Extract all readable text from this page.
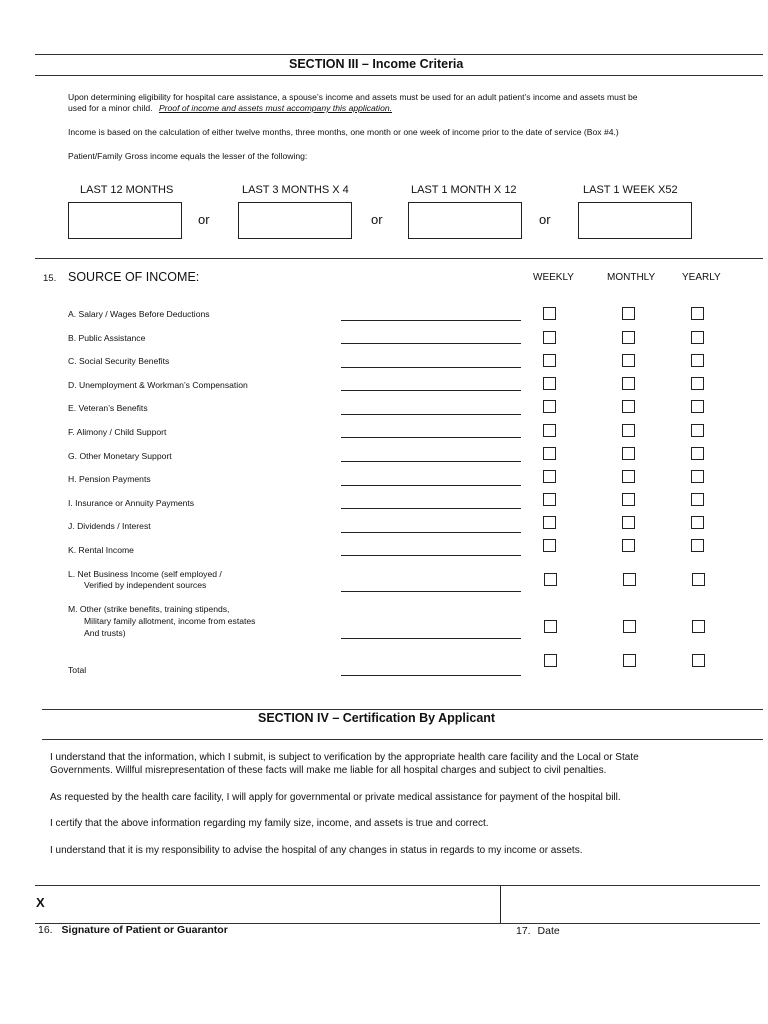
SECTION III – Income Criteria
Upon determining eligibility for hospital care assistance, a spouse’s income and assets must be used for an adult patient’s income and assets must be
used for a minor child. Proof of income and assets must accompany this application.
Income is based on the calculation of either twelve months, three months, one month or one week of income prior to the date of service (Box #4.)
Patient/Family Gross income equals the lesser of the following:
LAST 12 MONTHS	LAST 3 MONTHS X 4	LAST 1 MONTH X 12	LAST 1 WEEK X52
or	or	or
15. SOURCE OF INCOME:	WEEKLY	MONTHLY	YEARLY
A. Salary / Wages Before Deductions
B. Public Assistance
C. Social Security Benefits
D. Unemployment & Workman’s Compensation
E. Veteran’s Benefits
F. Alimony / Child Support
G. Other Monetary Support
H. Pension Payments
I. Insurance or Annuity Payments
J. Dividends / Interest
K. Rental Income
L. Net Business Income (self employed /
Verified by independent sources
M. Other (strike benefits, training stipends,
Military family allotment, income from estates
And trusts)
Total
SECTION IV – Certification By Applicant
I understand that the information, which I submit, is subject to verification by the appropriate health care facility and the Local or State
Governments. Willful misrepresentation of these facts will make me liable for all hospital charges and subject to civil penalties.
As requested by the health care facility, I will apply for governmental or private medical assistance for payment of the hospital bill.
I certify that the above information regarding my family size, income, and assets is true and correct.
I understand that it is my responsibility to advise the hospital of any changes in status in regards to my income or assets.
X
16. Signature of Patient or Guarantor	17. Date
